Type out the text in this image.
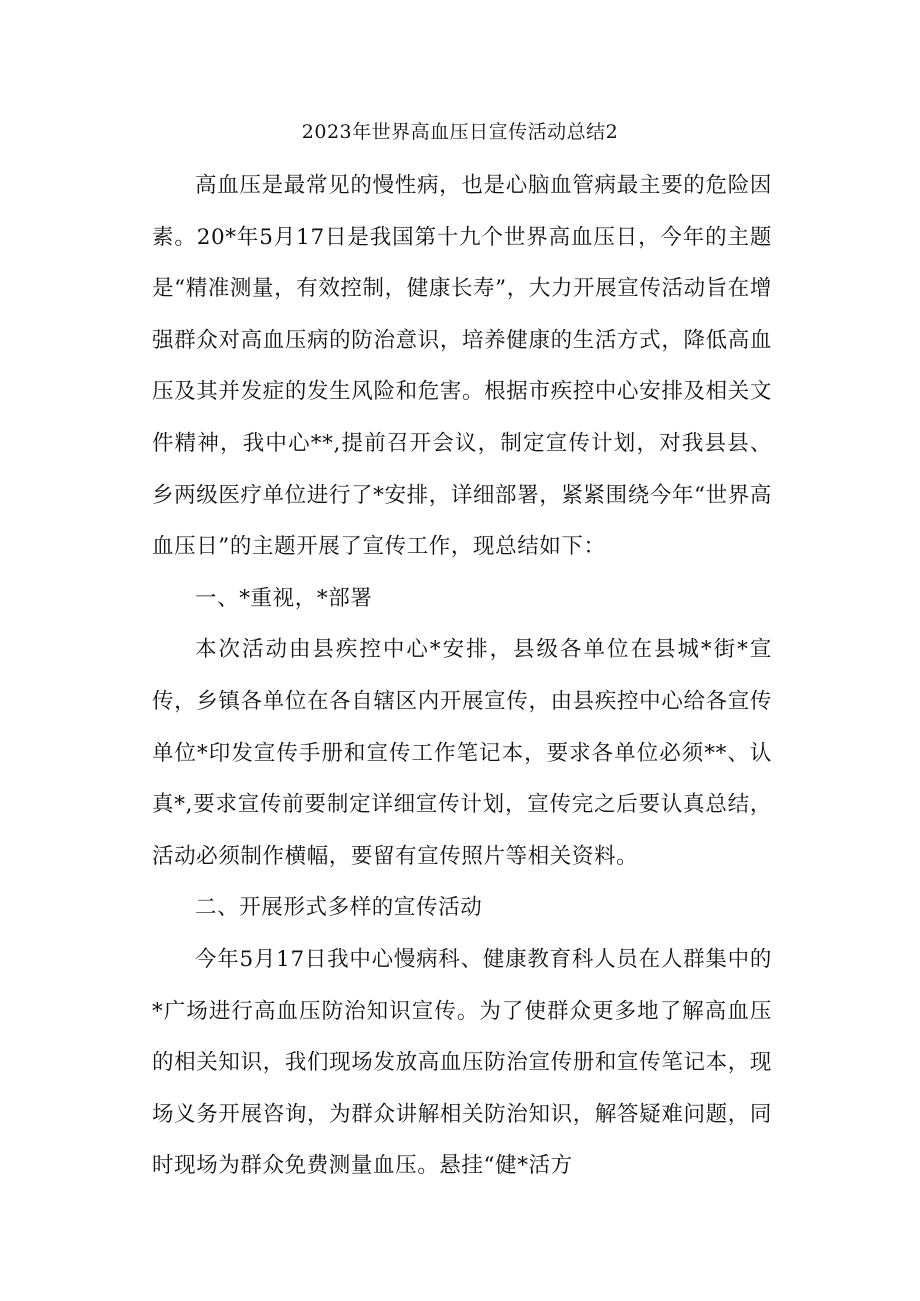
2023年世界高血压日宣传活动总结2

高血压是最常见的慢性病，也是心脑血管病最主要的危险因素。20*年5月17日是我国第十九个世界高血压日，今年的主题是“精准测量，有效控制，健康长寿”，大力开展宣传活动旨在增强群众对高血压病的防治意识，培养健康的生活方式，降低高血压及其并发症的发生风险和危害。根据市疾控中心安排及相关文件精神，我中心**,提前召开会议，制定宣传计划，对我县县、乡两级医疗单位进行了*安排，详细部署，紧紧围绕今年“世界高血压日”的主题开展了宣传工作，现总结如下：

一、*重视，*部署

本次活动由县疾控中心*安排，县级各单位在县城*街*宣传，乡镇各单位在各自辖区内开展宣传，由县疾控中心给各宣传单位*印发宣传手册和宣传工作笔记本，要求各单位必须**、认真*,要求宣传前要制定详细宣传计划，宣传完之后要认真总结，活动必须制作横幅，要留有宣传照片等相关资料。

二、开展形式多样的宣传活动

今年5月17日我中心慢病科、健康教育科人员在人群集中的*广场进行高血压防治知识宣传。为了使群众更多地了解高血压的相关知识，我们现场发放高血压防治宣传册和宣传笔记本，现场义务开展咨询，为群众讲解相关防治知识，解答疑难问题，同时现场为群众免费测量血压。悬挂“健*活方
